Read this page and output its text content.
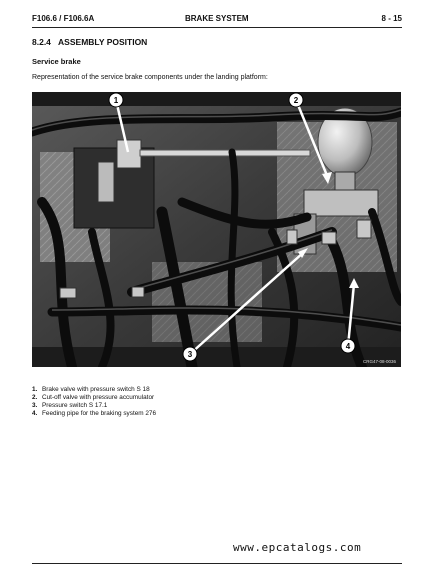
F106.6 / F106.6A	BRAKE SYSTEM	8 - 15
8.2.4 ASSEMBLY POSITION
Service brake
Representation of the service brake components under the landing platform:
1	2
3
4
CRG47-08-0036
1. Brake valve with pressure switch S 18
2. Cut-off valve with pressure accumulator
3. Pressure switch S 17.1
4. Feeding pipe for the braking system 276
www.epcatalogs.com
